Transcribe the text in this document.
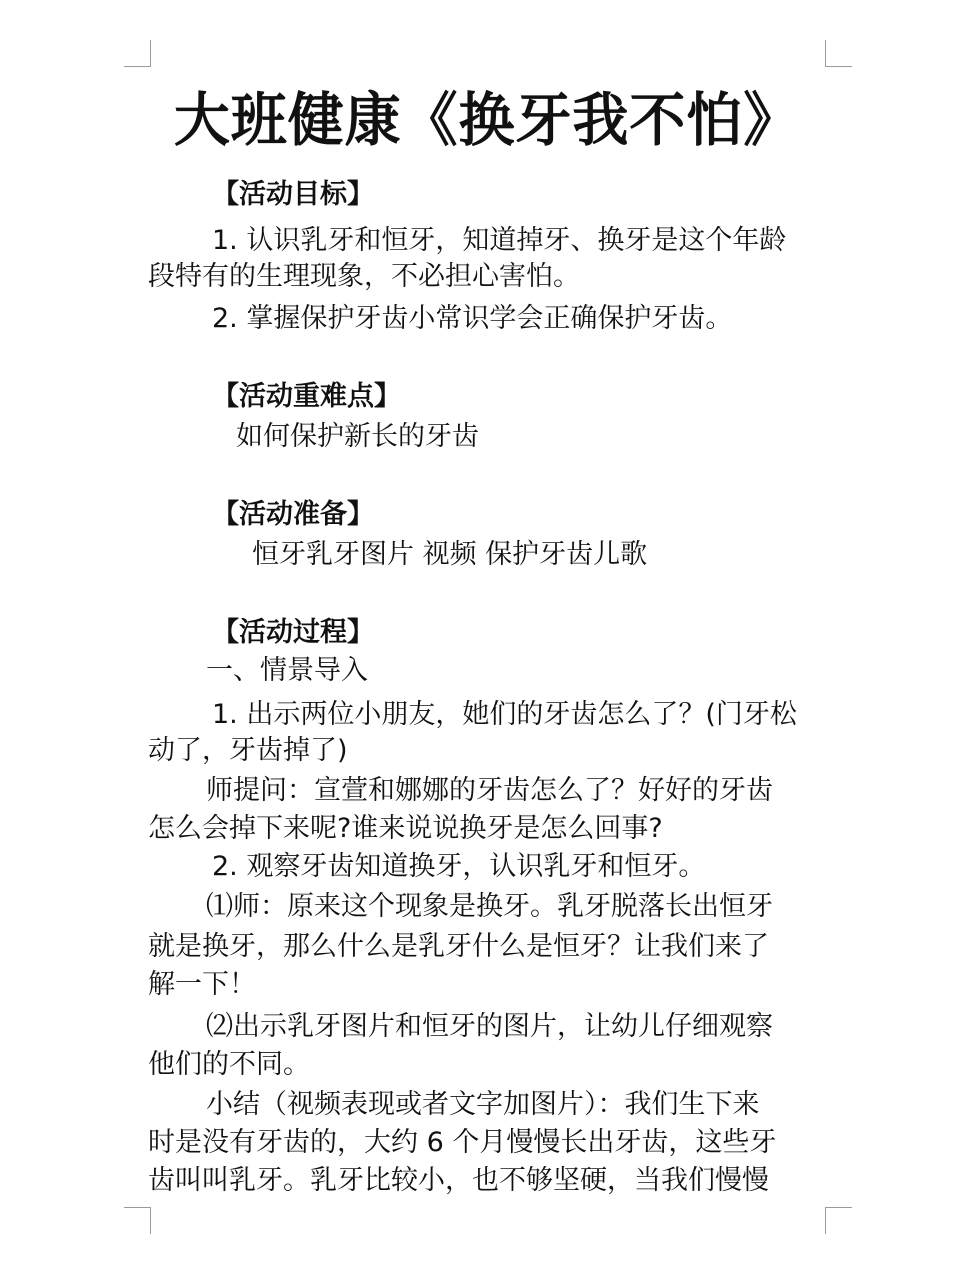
大班健康《换牙我不怕》
【活动目标】
1. 认识乳牙和恒牙，知道掉牙、换牙是这个年龄
段特有的生理现象，不必担心害怕。
2. 掌握保护牙齿小常识学会正确保护牙齿。
【活动重难点】
如何保护新长的牙齿
【活动准备】
恒牙乳牙图片 视频 保护牙齿儿歌
【活动过程】
一、情景导入
1. 出示两位小朋友，她们的牙齿怎么了？(门牙松
动了，牙齿掉了)
师提问：宣萱和娜娜的牙齿怎么了？好好的牙齿
怎么会掉下来呢?谁来说说换牙是怎么回事?
2. 观察牙齿知道换牙，认识乳牙和恒牙。
⑴师：原来这个现象是换牙。乳牙脱落长出恒牙
就是换牙，那么什么是乳牙什么是恒牙？让我们来了
解一下！
⑵出示乳牙图片和恒牙的图片，让幼儿仔细观察
他们的不同。
小结（视频表现或者文字加图片）：我们生下来
时是没有牙齿的，大约 6 个月慢慢长出牙齿，这些牙
齿叫叫乳牙。乳牙比较小，也不够坚硬，当我们慢慢
